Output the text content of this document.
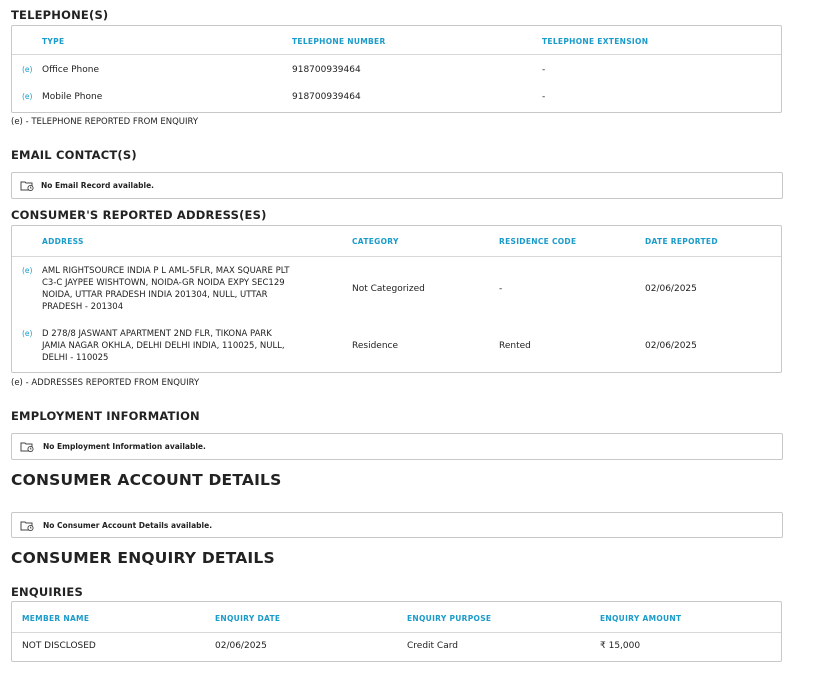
TELEPHONE(S)
TYPE	TELEPHONE NUMBER	TELEPHONE EXTENSION
(e) Office Phone	918700939464	-
(e) Mobile Phone	918700939464	-
(e) - TELEPHONE REPORTED FROM ENQUIRY
EMAIL CONTACT(S)
No Email Record available.
CONSUMER'S REPORTED ADDRESS(ES)
ADDRESS	CATEGORY	RESIDENCE CODE	DATE REPORTED
(e) AML RIGHTSOURCE INDIA P L AML-5FLR, MAX SQUARE PLT
C3-C JAYPEE WISHTOWN, NOIDA-GR NOIDA EXPY SEC129
NOIDA, UTTAR PRADESH INDIA 201304, NULL, UTTAR
PRADESH - 201304
Not Categorized	-	02/06/2025
(e) D 278/8 JASWANT APARTMENT 2ND FLR, TIKONA PARK
JAMIA NAGAR OKHLA, DELHI DELHI INDIA, 110025, NULL,
DELHI - 110025
Residence	Rented	02/06/2025
(e) - ADDRESSES REPORTED FROM ENQUIRY
EMPLOYMENT INFORMATION
No Employment Information available.
CONSUMER ACCOUNT DETAILS
No Consumer Account Details available.
CONSUMER ENQUIRY DETAILS
ENQUIRIES
MEMBER NAME	ENQUIRY DATE	ENQUIRY PURPOSE	ENQUIRY AMOUNT
NOT DISCLOSED	02/06/2025	Credit Card	₹ 15,000
